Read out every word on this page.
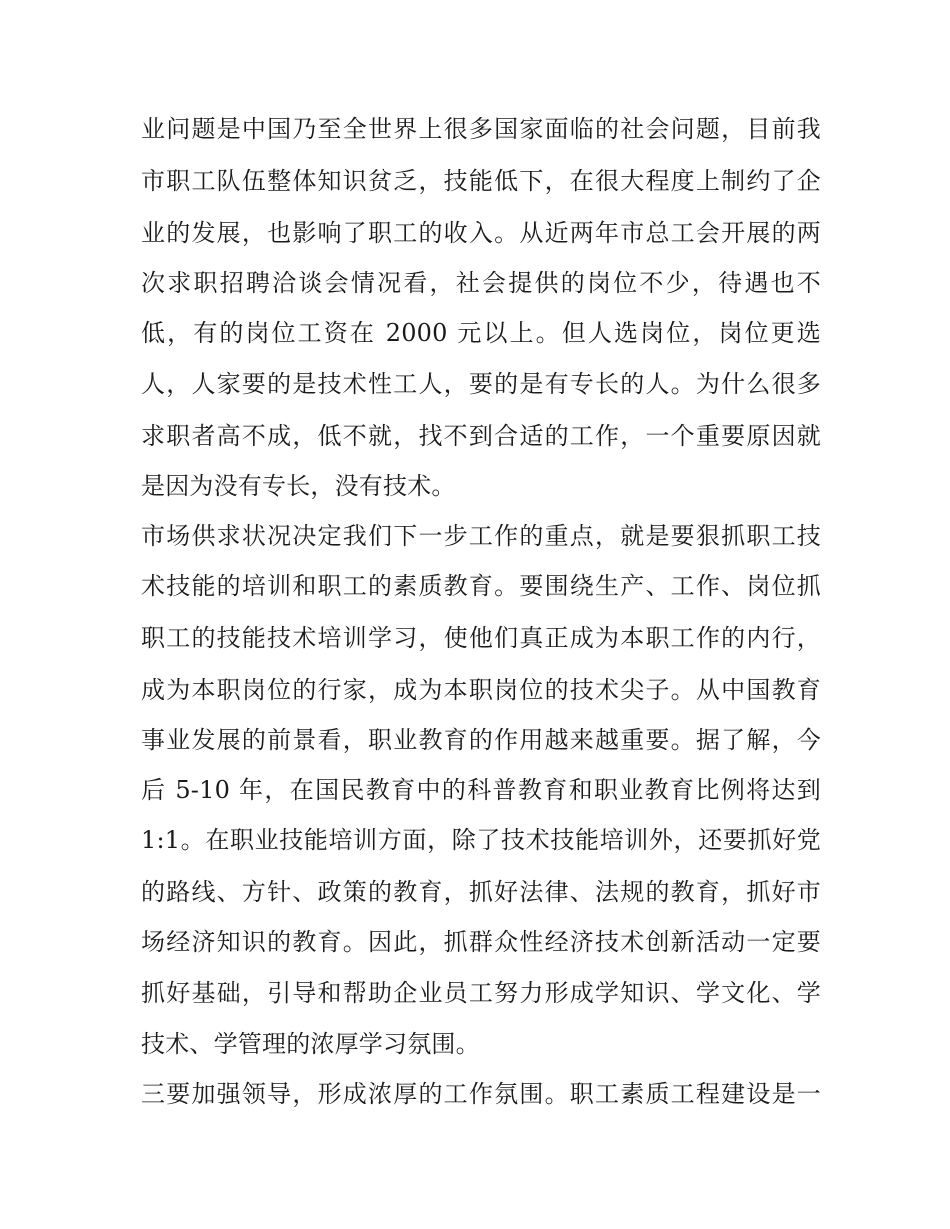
业问题是中国乃至全世界上很多国家面临的社会问题，目前我
市职工队伍整体知识贫乏，技能低下，在很大程度上制约了企
业的发展，也影响了职工的收入。从近两年市总工会开展的两
次求职招聘洽谈会情况看，社会提供的岗位不少，待遇也不
低，有的岗位工资在 2000 元以上。但人选岗位，岗位更选
人，人家要的是技术性工人，要的是有专长的人。为什么很多
求职者高不成，低不就，找不到合适的工作，一个重要原因就
是因为没有专长，没有技术。
市场供求状况决定我们下一步工作的重点，就是要狠抓职工技
术技能的培训和职工的素质教育。要围绕生产、工作、岗位抓
职工的技能技术培训学习，使他们真正成为本职工作的内行，
成为本职岗位的行家，成为本职岗位的技术尖子。从中国教育
事业发展的前景看，职业教育的作用越来越重要。据了解，今
后 5-10 年，在国民教育中的科普教育和职业教育比例将达到
1:1。在职业技能培训方面，除了技术技能培训外，还要抓好党
的路线、方针、政策的教育，抓好法律、法规的教育，抓好市
场经济知识的教育。因此，抓群众性经济技术创新活动一定要
抓好基础，引导和帮助企业员工努力形成学知识、学文化、学
技术、学管理的浓厚学习氛围。
三要加强领导，形成浓厚的工作氛围。职工素质工程建设是一
